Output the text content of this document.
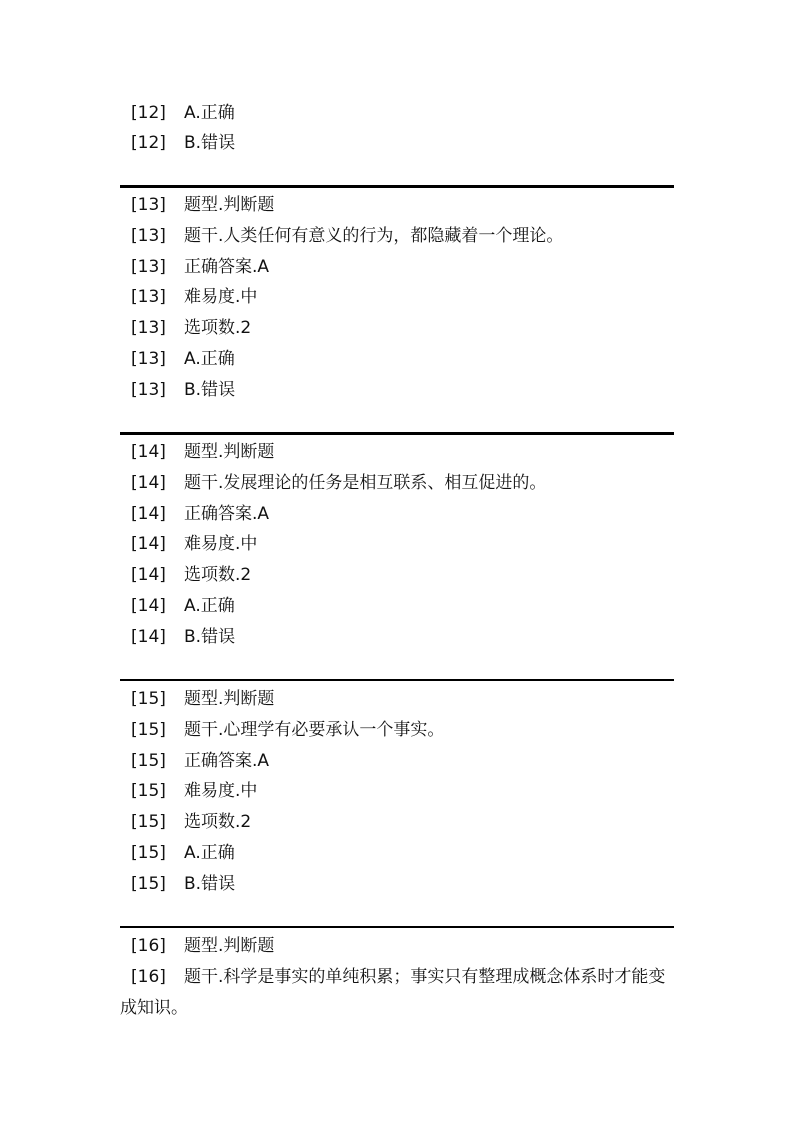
[12] A.正确
[12] B.错误
[13] 题型.判断题
[13] 题干.人类任何有意义的行为，都隐藏着一个理论。
[13] 正确答案.A
[13] 难易度.中
[13] 选项数.2
[13] A.正确
[13] B.错误
[14] 题型.判断题
[14] 题干.发展理论的任务是相互联系、相互促进的。
[14] 正确答案.A
[14] 难易度.中
[14] 选项数.2
[14] A.正确
[14] B.错误
[15] 题型.判断题
[15] 题干.心理学有必要承认一个事实。
[15] 正确答案.A
[15] 难易度.中
[15] 选项数.2
[15] A.正确
[15] B.错误
[16] 题型.判断题
[16] 题干.科学是事实的单纯积累；事实只有整理成概念体系时才能变成知识。
